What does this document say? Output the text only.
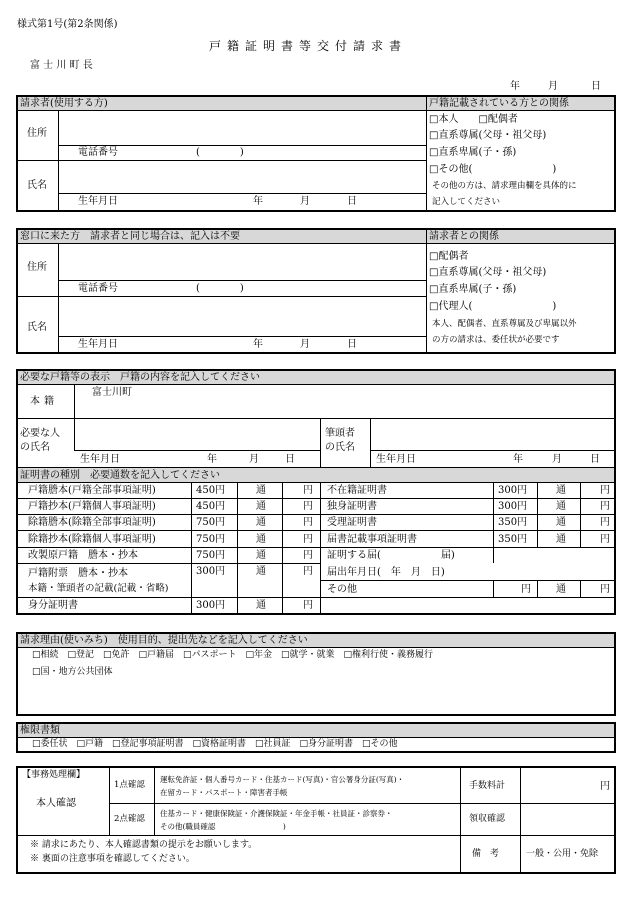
様式第1号(第2条関係)
戸籍証明書等交付請求書
富 士 川 町 長
年	月	日
請求者(使用する方)
住所
電話番号	(　　　　)
氏名
生年月日	年	月	日
戸籍記載されている方との関係
□本人　　□配偶者
□直系尊属(父母・祖父母)
□直系卑属(子・孫)
□その他(　　　　　　　　)
その他の方は、請求理由欄を具体的に
記入してください
窓口に来た方　請求者と同じ場合は、記入は不要
住所
電話番号	(　　　　)
氏名
生年月日	年	月	日
請求者との関係
□配偶者
□直系尊属(父母・祖父母)
□直系卑属(子・孫)
□代理人(　　　　　　　　)
本人、配偶者、直系尊属及び卑属以外
の方の請求は、委任状が必要です
必要な戸籍等の表示　戸籍の内容を記入してください
本籍
富士川町
必要な人
の氏名
生年月日	年	月	日
筆頭者
の氏名
生年月日	年	月	日
証明書の種別　必要通数を記入してください
戸籍謄本(戸籍全部事項証明)	450円	通	円
戸籍抄本(戸籍個人事項証明)	450円	通	円
除籍謄本(除籍全部事項証明)	750円	通	円
除籍抄本(除籍個人事項証明)	750円	通	円
改製原戸籍　謄本・抄本	750円	通	円
戸籍附票　謄本・抄本
本籍・筆頭者の記載(記載・省略)
300円	通	円
身分証明書	300円	通	円
不在籍証明書	300円	通	円
独身証明書	300円	通	円
受理証明書	350円	通	円
届書記載事項証明書	350円	通	円
証明する届(　　　　　　届)
届出年月日(　年　月　日)
その他	円	通	円
請求理由(使いみち)　使用目的、提出先などを記入してください
□相続　□登記　□免許　□戸籍届　□パスポート　□年金　□就学・就業　□権利行使・義務履行
□国・地方公共団体
権限書類
□委任状　□戸籍　□登記事項証明書　□資格証明書　□社員証　□身分証明書　□その他
【事務処理欄】
本人確認
1点確認
運転免許証・個人番号カード・住基カード(写真)・官公署身分証(写真)・
在留カード・パスポート・障害者手帳
2点確認
住基カード・健康保険証・介護保険証・年金手帳・社員証・診察券・
その他(職員確認　　　　　　　　　)
手数料計	円
領収確認
備　考	一般・公用・免除
※ 請求にあたり、本人確認書類の提示をお願いします。
※ 裏面の注意事項を確認してください。
